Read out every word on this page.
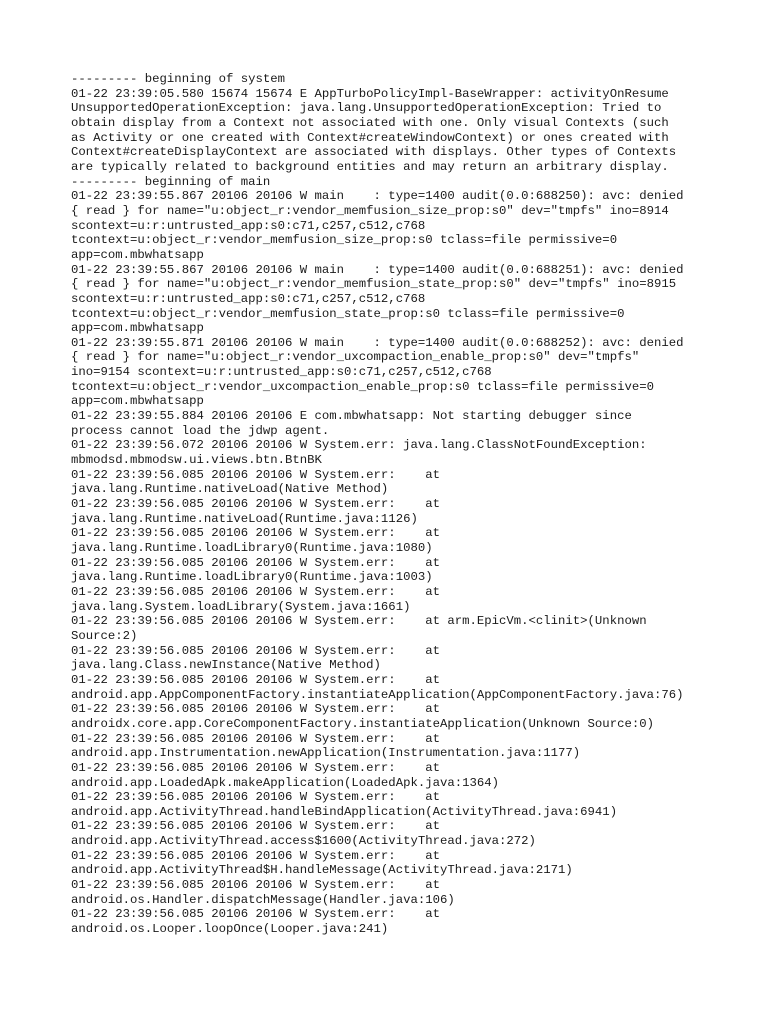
--------- beginning of system
01-22 23:39:05.580 15674 15674 E AppTurboPolicyImpl-BaseWrapper: activityOnResume
UnsupportedOperationException: java.lang.UnsupportedOperationException: Tried to
obtain display from a Context not associated with one. Only visual Contexts (such
as Activity or one created with Context#createWindowContext) or ones created with
Context#createDisplayContext are associated with displays. Other types of Contexts
are typically related to background entities and may return an arbitrary display.
--------- beginning of main
01-22 23:39:55.867 20106 20106 W main    : type=1400 audit(0.0:688250): avc: denied
{ read } for name="u:object_r:vendor_memfusion_size_prop:s0" dev="tmpfs" ino=8914
scontext=u:r:untrusted_app:s0:c71,c257,c512,c768
tcontext=u:object_r:vendor_memfusion_size_prop:s0 tclass=file permissive=0
app=com.mbwhatsapp
01-22 23:39:55.867 20106 20106 W main    : type=1400 audit(0.0:688251): avc: denied
{ read } for name="u:object_r:vendor_memfusion_state_prop:s0" dev="tmpfs" ino=8915
scontext=u:r:untrusted_app:s0:c71,c257,c512,c768
tcontext=u:object_r:vendor_memfusion_state_prop:s0 tclass=file permissive=0
app=com.mbwhatsapp
01-22 23:39:55.871 20106 20106 W main    : type=1400 audit(0.0:688252): avc: denied
{ read } for name="u:object_r:vendor_uxcompaction_enable_prop:s0" dev="tmpfs"
ino=9154 scontext=u:r:untrusted_app:s0:c71,c257,c512,c768
tcontext=u:object_r:vendor_uxcompaction_enable_prop:s0 tclass=file permissive=0
app=com.mbwhatsapp
01-22 23:39:55.884 20106 20106 E com.mbwhatsapp: Not starting debugger since
process cannot load the jdwp agent.
01-22 23:39:56.072 20106 20106 W System.err: java.lang.ClassNotFoundException:
mbmodsd.mbmodsw.ui.views.btn.BtnBK
01-22 23:39:56.085 20106 20106 W System.err:    at
java.lang.Runtime.nativeLoad(Native Method)
01-22 23:39:56.085 20106 20106 W System.err:    at
java.lang.Runtime.nativeLoad(Runtime.java:1126)
01-22 23:39:56.085 20106 20106 W System.err:    at
java.lang.Runtime.loadLibrary0(Runtime.java:1080)
01-22 23:39:56.085 20106 20106 W System.err:    at
java.lang.Runtime.loadLibrary0(Runtime.java:1003)
01-22 23:39:56.085 20106 20106 W System.err:    at
java.lang.System.loadLibrary(System.java:1661)
01-22 23:39:56.085 20106 20106 W System.err:    at arm.EpicVm.<clinit>(Unknown
Source:2)
01-22 23:39:56.085 20106 20106 W System.err:    at
java.lang.Class.newInstance(Native Method)
01-22 23:39:56.085 20106 20106 W System.err:    at
android.app.AppComponentFactory.instantiateApplication(AppComponentFactory.java:76)
01-22 23:39:56.085 20106 20106 W System.err:    at
androidx.core.app.CoreComponentFactory.instantiateApplication(Unknown Source:0)
01-22 23:39:56.085 20106 20106 W System.err:    at
android.app.Instrumentation.newApplication(Instrumentation.java:1177)
01-22 23:39:56.085 20106 20106 W System.err:    at
android.app.LoadedApk.makeApplication(LoadedApk.java:1364)
01-22 23:39:56.085 20106 20106 W System.err:    at
android.app.ActivityThread.handleBindApplication(ActivityThread.java:6941)
01-22 23:39:56.085 20106 20106 W System.err:    at
android.app.ActivityThread.access$1600(ActivityThread.java:272)
01-22 23:39:56.085 20106 20106 W System.err:    at
android.app.ActivityThread$H.handleMessage(ActivityThread.java:2171)
01-22 23:39:56.085 20106 20106 W System.err:    at
android.os.Handler.dispatchMessage(Handler.java:106)
01-22 23:39:56.085 20106 20106 W System.err:    at
android.os.Looper.loopOnce(Looper.java:241)
